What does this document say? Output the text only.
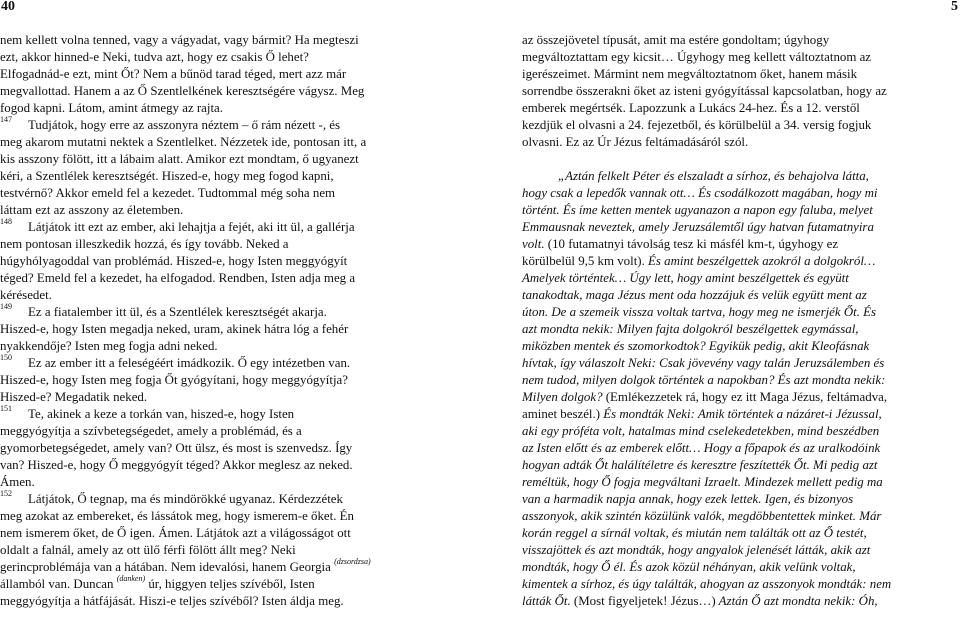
40	5

nem kellett volna tenned, vagy a vágyadat, vagy bármit? Ha megteszi

ezt, akkor hinned-e Neki, tudva azt, hogy ez csakis Ő lehet?

Elfogadnád-e ezt, mint Őt? Nem a bűnöd tarad téged, mert azz már

megvallottad. Hanem a az Ő Szentlelkének keresztségére vágysz. Meg

fogod kapni. Látom, amint átmegy az rajta.

$^{147}$ Tudjátok, hogy erre az asszonyra néztem – ő rám nézett -, és

meg akarom mutatni nektek a Szentlelket. Nézzetek ide, pontosan itt, a

kis asszony fölött, itt a lábaim alatt. Amikor ezt mondtam, ő ugyanezt

kéri, a Szentlélek keresztségét. Hiszed-e, hogy meg fogod kapni,

testvérnő? Akkor emeld fel a kezedet. Tudtommal még soha nem

láttam ezt az asszony az életemben.

$^{148}$ Látjátok itt ezt az ember, aki lehajtja a fejét, aki itt ül, a gallérja

nem pontosan illeszkedik hozzá, és így tovább. Neked a

húgyhólyagoddal van problémád. Hiszed-e, hogy Isten meggyógyít

téged? Emeld fel a kezedet, ha elfogadod. Rendben, Isten adja meg a

kérésedet.

$^{149}$ Ez a fiatalember itt ül, és a Szentlélek keresztségét akarja.

Hiszed-e, hogy Isten megadja neked, uram, akinek hátra lóg a fehér

nyakkendője? Isten meg fogja adni neked.

$^{150}$ Ez az ember itt a feleségéért imádkozik. Ő egy intézetben van.

Hiszed-e, hogy Isten meg fogja Őt gyógyítani, hogy meggyógyítja?

Hiszed-e? Megadatik neked.

$^{151}$ Te, akinek a keze a torkán van, hiszed-e, hogy Isten

meggyógyítja a szívbetegségedet, amely a problémád, és a

gyomorbetegségedet, amely van? Ott ülsz, és most is szenvedsz. Így

van? Hiszed-e, hogy Ő meggyógyít téged? Akkor meglesz az neked.

Ámen.

$^{152}$ Látjátok, Ő tegnap, ma és mindörökké ugyanaz. Kérdezzétek

meg azokat az embereket, és lássátok meg, hogy ismerem-e őket. Én

nem ismerem őket, de Ő igen. Ámen. Látjátok azt a világosságot ott

oldalt a falnál, amely az ott ülő férfi fölött állt meg? Neki

gerincproblémája van a hátában. Nem idevalósi, hanem Georgia $^{(dzsordzsa)}$

államból van. Duncan $^{(danken)}$ úr, higgyen teljes szívéből, Isten

meggyógyítja a hátfájását. Hiszi-e teljes szívéből? Isten áldja meg.

az összejövetel típusát, amit ma estére gondoltam; úgyhogy

megváltoztattam egy kicsit… Úgyhogy meg kellett változtatnom az

igerészeimet. Mármint nem megváltoztatnom őket, hanem másik

sorrendbe összerakni őket az isteni gyógyítással kapcsolatban, hogy az

emberek megértsék. Lapozzunk a Lukács 24-hez. És a 12. verstől

kezdjük el olvasni a 24. fejezetből, és körülbelül a 34. versig fogjuk

olvasni. Ez az Úr Jézus feltámadásáról szól.

„Aztán felkelt Péter és elszaladt a sírhoz, és behajolva látta,

hogy csak a lepedők vannak ott… És csodálkozott magában, hogy mi

történt. És íme ketten mentek ugyanazon a napon egy faluba, melyet

Emmausnak neveztek, amely Jeruzsálemtől úgy hatvan futamatnyira

volt. (10 futamatnyi távolság tesz ki másfél km-t, úgyhogy ez

körülbelül 9,5 km volt). És amint beszélgettek azokról a dolgokról…

Amelyek történtek… Úgy lett, hogy amint beszélgettek és együtt

tanakodtak, maga Jézus ment oda hozzájuk és velük együtt ment az

úton. De a szemeik vissza voltak tartva, hogy meg ne ismerjék Őt. És

azt mondta nekik: Milyen fajta dolgokról beszélgettek egymással,

miközben mentek és szomorkodtok? Egyikük pedig, akit Kleofásnak

hívtak, így válaszolt Neki: Csak jövevény vagy talán Jeruzsálemben és

nem tudod, milyen dolgok történtek a napokban? És azt mondta nekik:

Milyen dolgok? (Emlékezzetek rá, hogy ez itt Maga Jézus, feltámadva,

aminet beszél.) És mondták Neki: Amik történtek a názáret-i Jézussal,

aki egy próféta volt, hatalmas mind cselekedetekben, mind beszédben

az Isten előtt és az emberek előtt… Hogy a főpapok és az uralkodóink

hogyan adták Őt halálítéletre és keresztre feszítették Őt. Mi pedig azt

reméltük, hogy Ő fogja megváltani Izraelt. Mindezek mellett pedig ma

van a harmadik napja annak, hogy ezek lettek. Igen, és bizonyos

asszonyok, akik szintén közülünk valók, megdöbbentettek minket. Már

korán reggel a sírnál voltak, és miután nem találták ott az Ő testét,

visszajöttek és azt mondták, hogy angyalok jelenését látták, akik azt

mondták, hogy Ő él. És azok közül néhányan, akik velünk voltak,

kimentek a sírhoz, és úgy találták, ahogyan az asszonyok mondták: nem

látták Őt. (Most figyeljetek! Jézus…) Aztán Ő azt mondta nekik: Óh,
